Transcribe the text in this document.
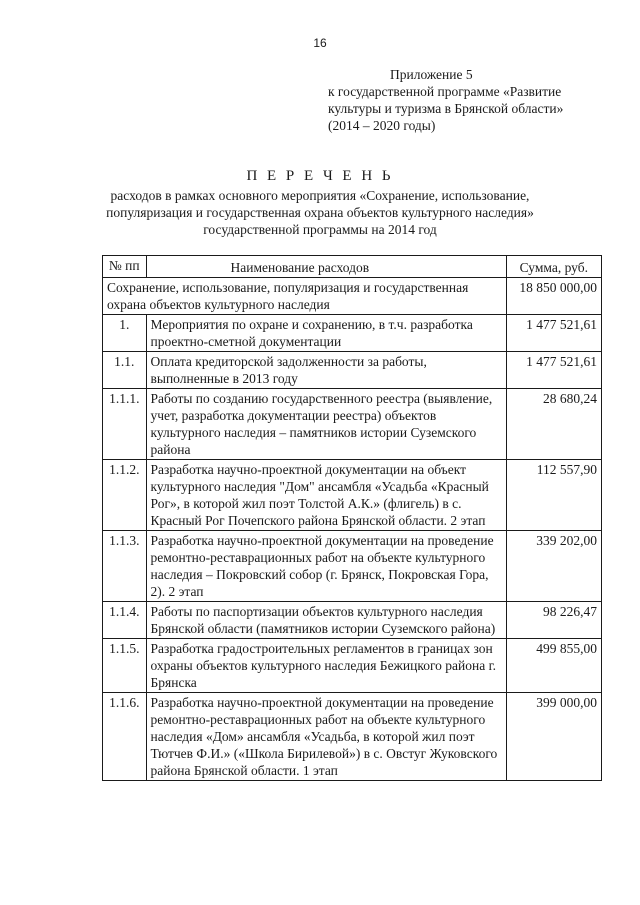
16
Приложение 5
к государственной программе «Развитие
культуры и туризма в Брянской области»
(2014 – 2020 годы)
П Е Р Е Ч Е Н Ь
расходов в рамках основного мероприятия «Сохранение, использование, популяризация и государственная охрана объектов культурного наследия» государственной программы на 2014 год
№ пп	Наименование расходов	Сумма, руб.
Сохранение, использование, популяризация и государственная охрана объектов культурного наследия		18 850 000,00
1.	Мероприятия по охране и сохранению, в т.ч. разработка проектно-сметной документации	1 477 521,61
1.1.	Оплата кредиторской задолженности за работы, выполненные в 2013 году	1 477 521,61
1.1.1.	Работы по созданию государственного реестра (выявление, учет, разработка документации реестра) объектов культурного наследия – памятников истории Суземского района	28 680,24
1.1.2.	Разработка научно-проектной документации на объект культурного наследия "Дом" ансамбля «Усадьба «Красный Рог», в которой жил поэт Толстой А.К.» (флигель) в с. Красный Рог Почепского района Брянской области. 2 этап	112 557,90
1.1.3.	Разработка научно-проектной документации на проведение ремонтно-реставрационных работ на объекте культурного наследия – Покровский собор (г. Брянск, Покровская Гора, 2). 2 этап	339 202,00
1.1.4.	Работы по паспортизации объектов культурного наследия Брянской области (памятников истории Суземского района)	98 226,47
1.1.5.	Разработка градостроительных регламентов в границах зон охраны объектов культурного наследия Бежицкого района г. Брянска	499 855,00
1.1.6.	Разработка научно-проектной документации на проведение ремонтно-реставрационных работ на объекте культурного наследия «Дом» ансамбля «Усадьба, в которой жил поэт Тютчев Ф.И.» («Школа Бирилевой») в с. Овстуг Жуковского района Брянской области. 1 этап	399 000,00
